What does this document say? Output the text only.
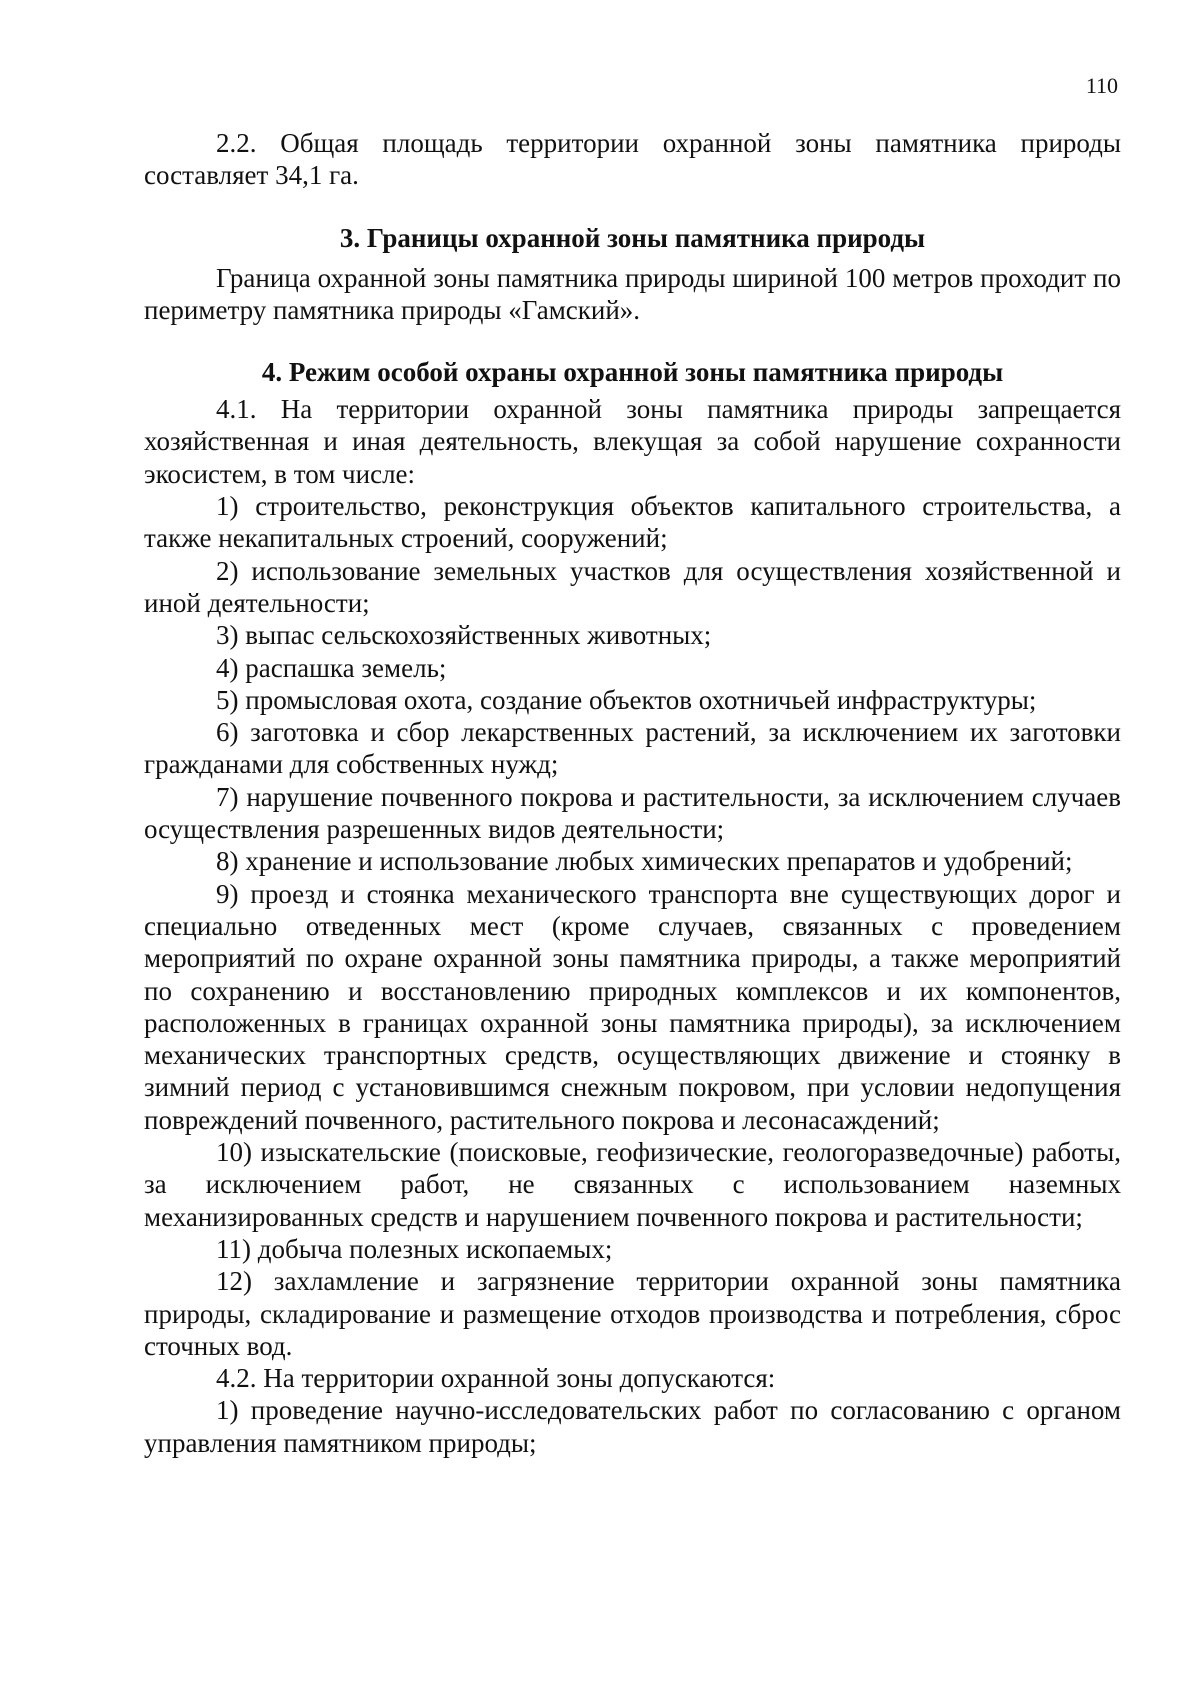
110

2.2. Общая площадь территории охранной зоны памятника природы составляет 34,1 га.

3. Границы охранной зоны памятника природы

Граница охранной зоны памятника природы шириной 100 метров проходит по периметру памятника природы «Гамский».

4. Режим особой охраны охранной зоны памятника природы

4.1. На территории охранной зоны памятника природы запрещается хозяйственная и иная деятельность, влекущая за собой нарушение сохранности экосистем, в том числе:

1) строительство, реконструкция объектов капитального строительства, а также некапитальных строений, сооружений;

2) использование земельных участков для осуществления хозяйственной и иной деятельности;

3) выпас сельскохозяйственных животных;

4) распашка земель;

5) промысловая охота, создание объектов охотничьей инфраструктуры;

6) заготовка и сбор лекарственных растений, за исключением их заготовки гражданами для собственных нужд;

7) нарушение почвенного покрова и растительности, за исключением случаев осуществления разрешенных видов деятельности;

8) хранение и использование любых химических препаратов и удобрений;

9) проезд и стоянка механического транспорта вне существующих дорог и специально отведенных мест (кроме случаев, связанных с проведением мероприятий по охране охранной зоны памятника природы, а также мероприятий по сохранению и восстановлению природных комплексов и их компонентов, расположенных в границах охранной зоны памятника природы), за исключением механических транспортных средств, осуществляющих движение и стоянку в зимний период с установившимся снежным покровом, при условии недопущения повреждений почвенного, растительного покрова и лесонасаждений;

10) изыскательские (поисковые, геофизические, геологоразведочные) работы, за исключением работ, не связанных с использованием наземных механизированных средств и нарушением почвенного покрова и растительности;

11) добыча полезных ископаемых;

12) захламление и загрязнение территории охранной зоны памятника природы, складирование и размещение отходов производства и потребления, сброс сточных вод.

4.2. На территории охранной зоны допускаются:

1) проведение научно-исследовательских работ по согласованию с органом управления памятником природы;
